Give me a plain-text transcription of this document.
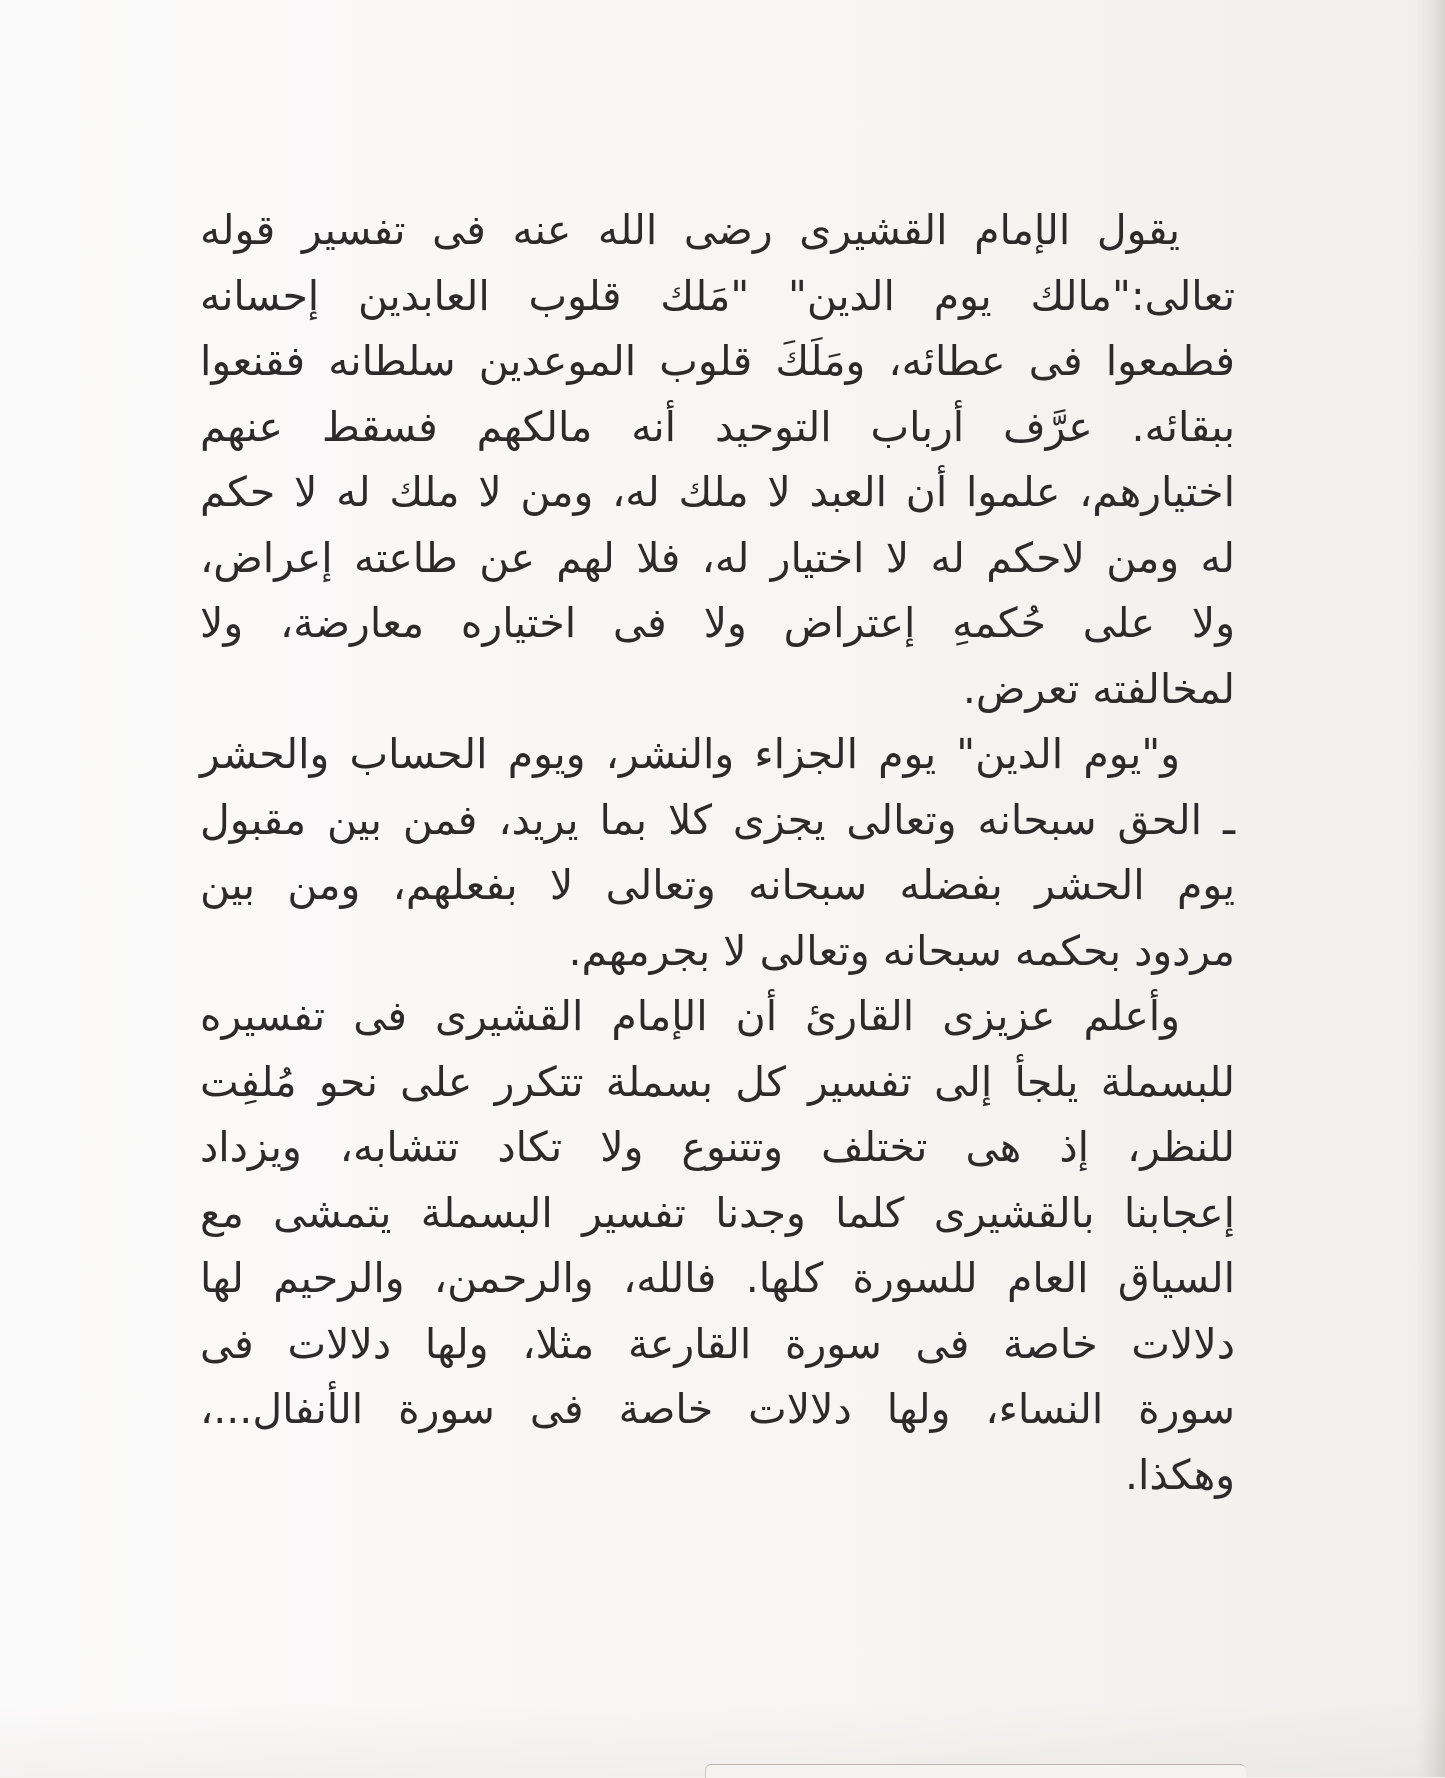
يقول الإمام القشيرى رضى الله عنه فى تفسير قوله
تعالى:"مالك يوم الدين" "مَلك قلوب العابدين إحسانه
فطمعوا فى عطائه، ومَلَكَ قلوب الموعدين سلطانه فقنعوا
ببقائه. عرَّف أرباب التوحيد أنه مالكهم فسقط عنهم
اختيارهم، علموا أن العبد لا ملك له، ومن لا ملك له لا حكم
له ومن لاحكم له لا اختيار له، فلا لهم عن طاعته إعراض،
ولا على حُكمهِ إعتراض ولا فى اختياره معارضة، ولا
لمخالفته تعرض.
و"يوم الدين" يوم الجزاء والنشر، ويوم الحساب والحشر
ـ الحق سبحانه وتعالى يجزى كلا بما يريد، فمن بين مقبول
يوم الحشر بفضله سبحانه وتعالى لا بفعلهم، ومن بين
مردود بحكمه سبحانه وتعالى لا بجرمهم.
وأعلم عزيزى القارئ أن الإمام القشيرى فى تفسيره
للبسملة يلجأ إلى تفسير كل بسملة تتكرر على نحو مُلفِت
للنظر، إذ هى تختلف وتتنوع ولا تكاد تتشابه، ويزداد
إعجابنا بالقشيرى كلما وجدنا تفسير البسملة يتمشى مع
السياق العام للسورة كلها. فالله، والرحمن، والرحيم لها
دلالات خاصة فى سورة القارعة مثلا، ولها دلالات فى
سورة النساء، ولها دلالات خاصة فى سورة الأنفال...،
وهكذا.
